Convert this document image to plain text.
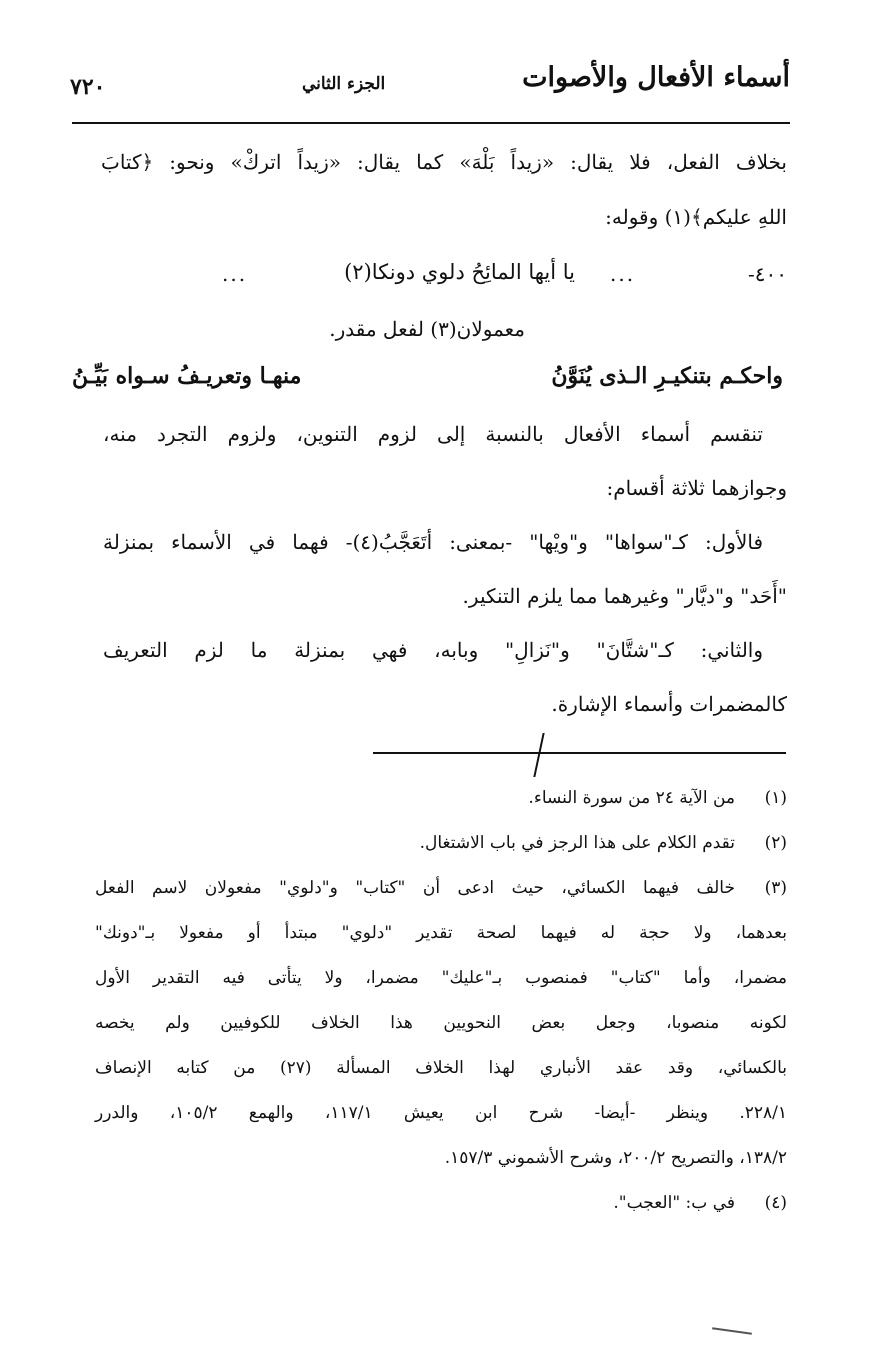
أسماء الأفعال والأصوات
الجزء الثاني
٧٢٠
بخلاف الفعل، فلا يقال: «زيداً بَلْهَ» كما يقال: «زيداً اتركْ» ونحو: ﴿كتابَ
اللهِ عليكم﴾(١) وقوله:
٤٠٠-
...
يا أيها المائِحُ دلوي دونكا(٢)
...
معمولان(٣) لفعل مقدر.
واحكـم بتنكيـرِ الـذى يُنَوَّنُ
منهـا وتعريـفُ سـواه بَيِّـنُ
تنقسم أسماء الأفعال بالنسبة إلى لزوم التنوين، ولزوم التجرد منه،
وجوازهما ثلاثة أقسام:
فالأول: كـ"سواها" و"ويْها" -بمعنى: أتَعَجَّبُ(٤)- فهما في الأسماء بمنزلة
"أَحَد" و"ديَّار" وغيرهما مما يلزم التنكير.
والثاني: كـ"شتَّانَ" و"نَزالِ" وبابه، فهي بمنزلة ما لزم التعريف
كالمضمرات وأسماء الإشارة.
(١)
من الآية ٢٤ من سورة النساء.
(٢)
تقدم الكلام على هذا الرجز في باب الاشتغال.
(٣)
خالف فيهما الكسائي، حيث ادعى أن "كتاب" و"دلوي" مفعولان لاسم الفعل
بعدهما، ولا حجة له فيهما لصحة تقدير "دلوي" مبتدأ أو مفعولا بـ"دونك"
مضمرا، وأما "كتاب" فمنصوب بـ"عليك" مضمرا، ولا يتأتى فيه التقدير الأول
لكونه منصوبا، وجعل بعض النحويين هذا الخلاف للكوفيين ولم يخصه
بالكسائي، وقد عقد الأنباري لهذا الخلاف المسألة (٢٧) من كتابه الإنصاف
٢٢٨/١. وينظر -أيضا- شرح ابن يعيش ١١٧/١، والهمع ١٠٥/٢، والدرر
١٣٨/٢، والتصريح ٢٠٠/٢، وشرح الأشموني ١٥٧/٣.
(٤)
في ب: "العجب".
